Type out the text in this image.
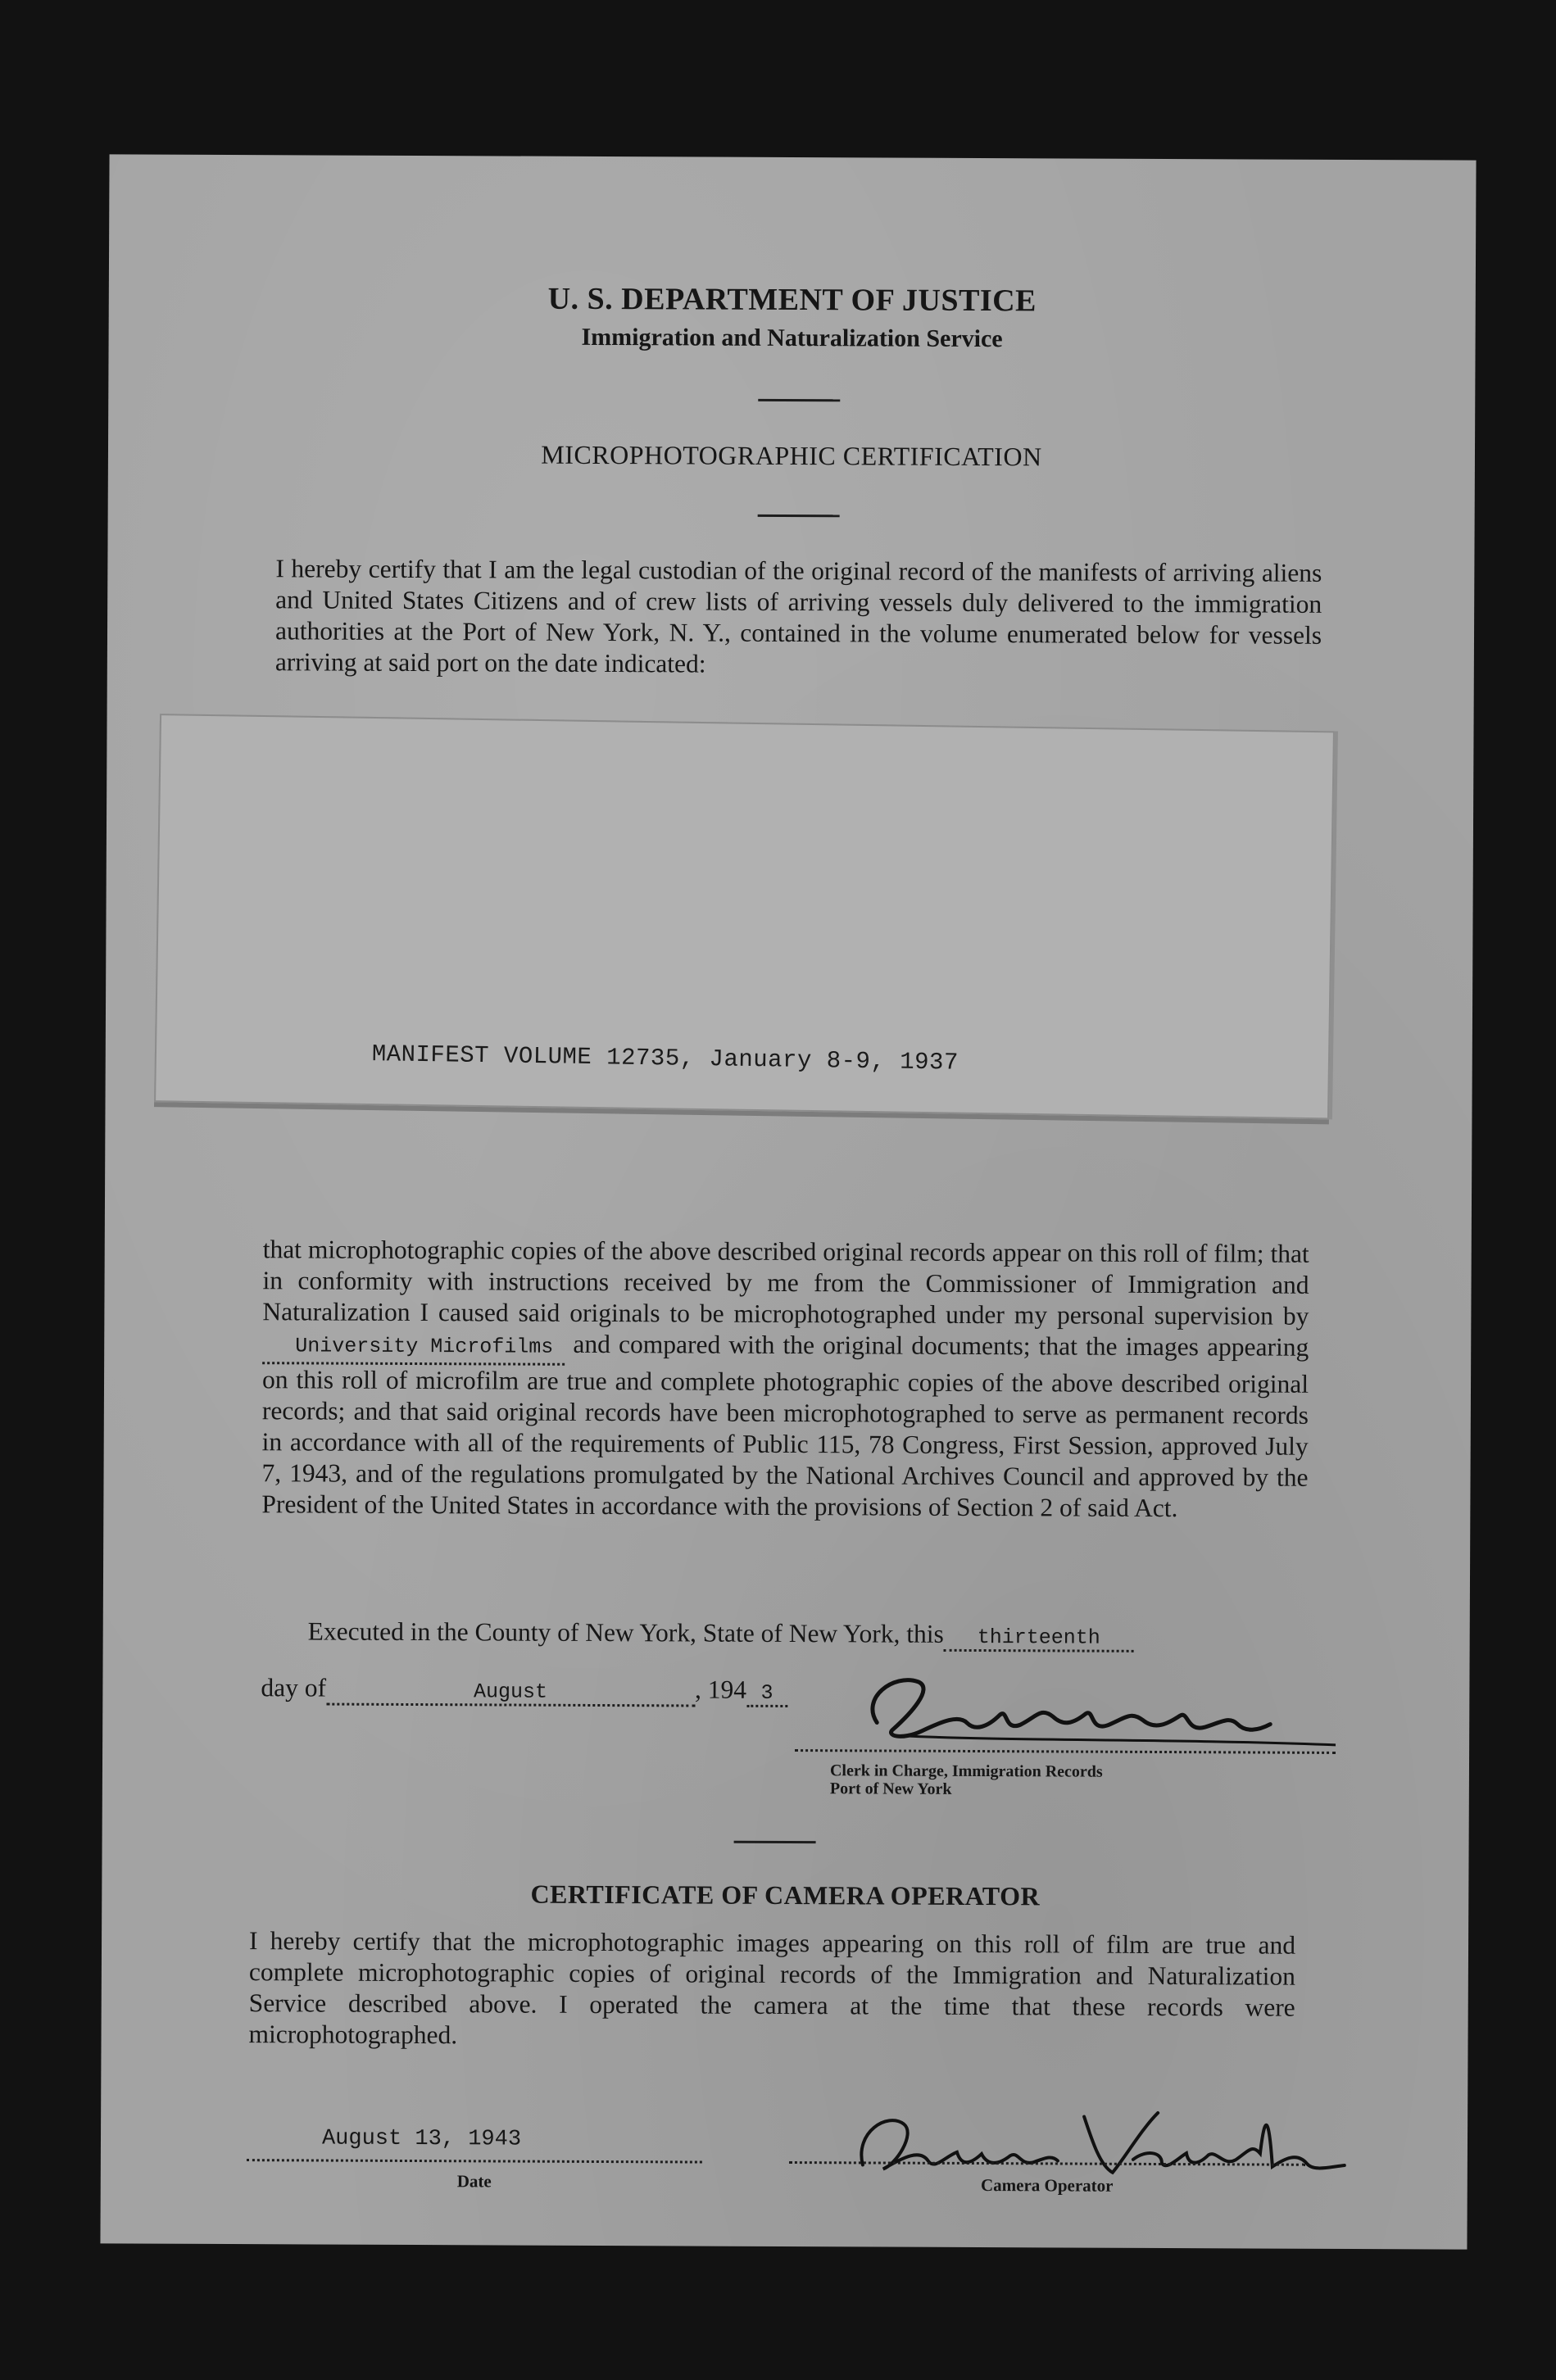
U. S. DEPARTMENT OF JUSTICE
Immigration and Naturalization Service
MICROPHOTOGRAPHIC CERTIFICATION
I hereby certify that I am the legal custodian of the original record of the manifests of arriving aliens and United States Citizens and of crew lists of arriving vessels duly delivered to the immigration authorities at the Port of New York, N. Y., contained in the volume enumerated below for vessels arriving at said port on the date indicated:
MANIFEST VOLUME 12735, January 8-9, 1937
that microphotographic copies of the above described original records appear on this roll of film; that in conformity with instructions received by me from the Commissioner of Immigration and Naturalization I caused said originals to be microphotographed under my personal supervision by University Microfilms and compared with the original documents; that the images appearing on this roll of microfilm are true and complete photographic copies of the above described original records; and that said original records have been microphotographed to serve as permanent records in accordance with all of the requirements of Public 115, 78 Congress, First Session, approved July 7, 1943, and of the regulations promulgated by the National Archives Council and approved by the President of the United States in accordance with the provisions of Section 2 of said Act.
Executed in the County of New York, State of New York, this thirteenth
day of	August	, 194 3
Clerk in Charge, Immigration Records
Port of New York
CERTIFICATE OF CAMERA OPERATOR
I hereby certify that the microphotographic images appearing on this roll of film are true and complete microphotographic copies of original records of the Immigration and Naturalization Service described above. I operated the camera at the time that these records were microphotographed.
August 13, 1943
Date	Camera Operator
